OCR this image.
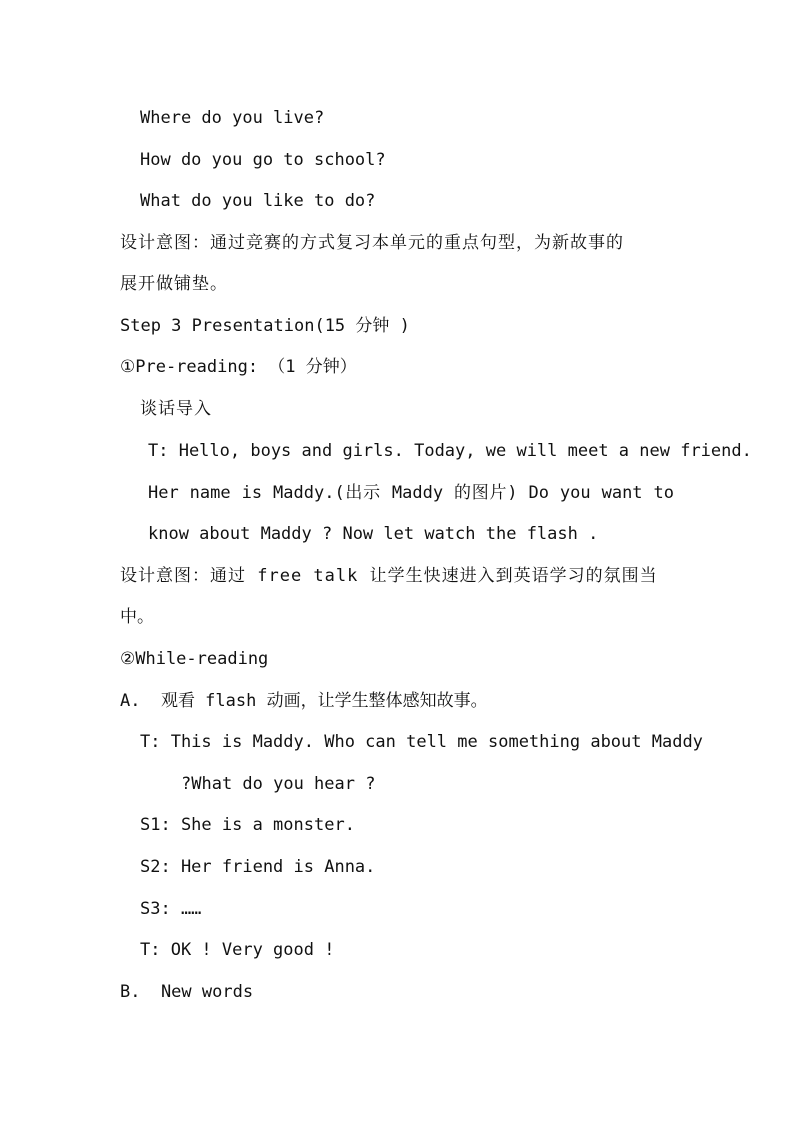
Where do you live?
How do you go to school?
What do you like to do?
设计意图：通过竞赛的方式复习本单元的重点句型，为新故事的
展开做铺垫。
Step 3 Presentation(15 分钟 )
①Pre-reading: （1 分钟）
谈话导入
T: Hello, boys and girls. Today, we will meet a new friend.
Her name is Maddy.(出示 Maddy 的图片) Do you want to
know about Maddy ? Now let watch the flash .
设计意图：通过 free talk 让学生快速进入到英语学习的氛围当
中。
②While-reading
A.  观看 flash 动画，让学生整体感知故事。
T: This is Maddy. Who can tell me something about Maddy
?What do you hear ?
S1: She is a monster.
S2: Her friend is Anna.
S3: ……
T: OK ! Very good !
B.  New words
